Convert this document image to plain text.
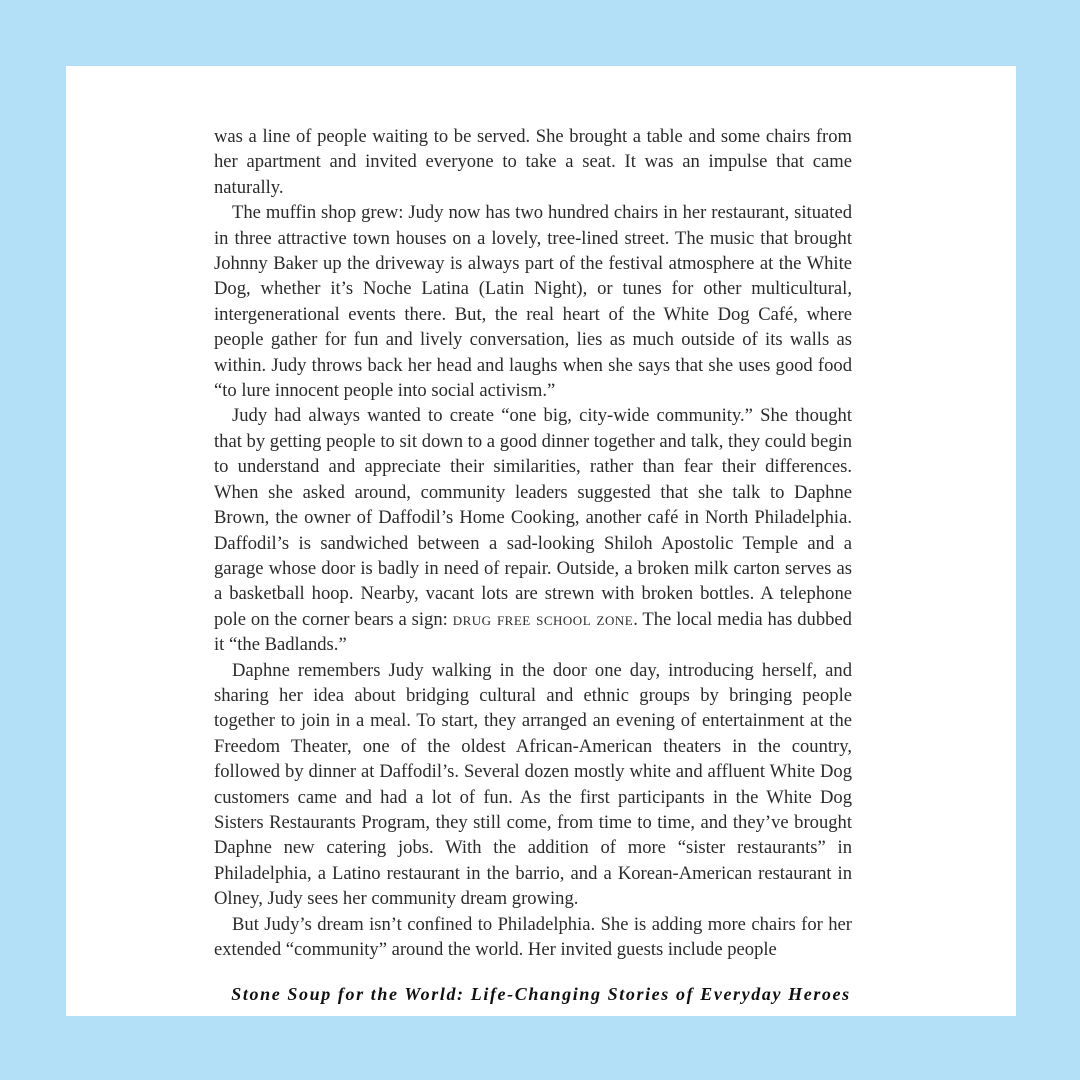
was a line of people waiting to be served. She brought a table and some chairs from her apartment and invited everyone to take a seat. It was an impulse that came naturally.

The muffin shop grew: Judy now has two hundred chairs in her restaurant, situated in three attractive town houses on a lovely, tree-lined street. The music that brought Johnny Baker up the driveway is always part of the festival atmosphere at the White Dog, whether it’s Noche Latina (Latin Night), or tunes for other multicultural, intergenerational events there. But, the real heart of the White Dog Café, where people gather for fun and lively conversation, lies as much outside of its walls as within. Judy throws back her head and laughs when she says that she uses good food “to lure innocent people into social activism.”

Judy had always wanted to create “one big, city-wide community.” She thought that by getting people to sit down to a good dinner together and talk, they could begin to understand and appreciate their similarities, rather than fear their differences. When she asked around, community leaders suggested that she talk to Daphne Brown, the owner of Daffodil’s Home Cooking, another café in North Philadelphia. Daffodil’s is sandwiched between a sad-looking Shiloh Apostolic Temple and a garage whose door is badly in need of repair. Outside, a broken milk carton serves as a basketball hoop. Nearby, vacant lots are strewn with broken bottles. A telephone pole on the corner bears a sign: drug free school zone. The local media has dubbed it “the Badlands.”

Daphne remembers Judy walking in the door one day, introducing herself, and sharing her idea about bridging cultural and ethnic groups by bringing people together to join in a meal. To start, they arranged an evening of entertainment at the Freedom Theater, one of the oldest African-American theaters in the country, followed by dinner at Daffodil’s. Several dozen mostly white and affluent White Dog customers came and had a lot of fun. As the first participants in the White Dog Sisters Restaurants Program, they still come, from time to time, and they’ve brought Daphne new catering jobs. With the addition of more “sister restaurants” in Philadelphia, a Latino restaurant in the barrio, and a Korean-American restaurant in Olney, Judy sees her community dream growing.

But Judy’s dream isn’t confined to Philadelphia. She is adding more chairs for her extended “community” around the world. Her invited guests include people

Stone Soup for the World: Life-Changing Stories of Everyday Heroes
